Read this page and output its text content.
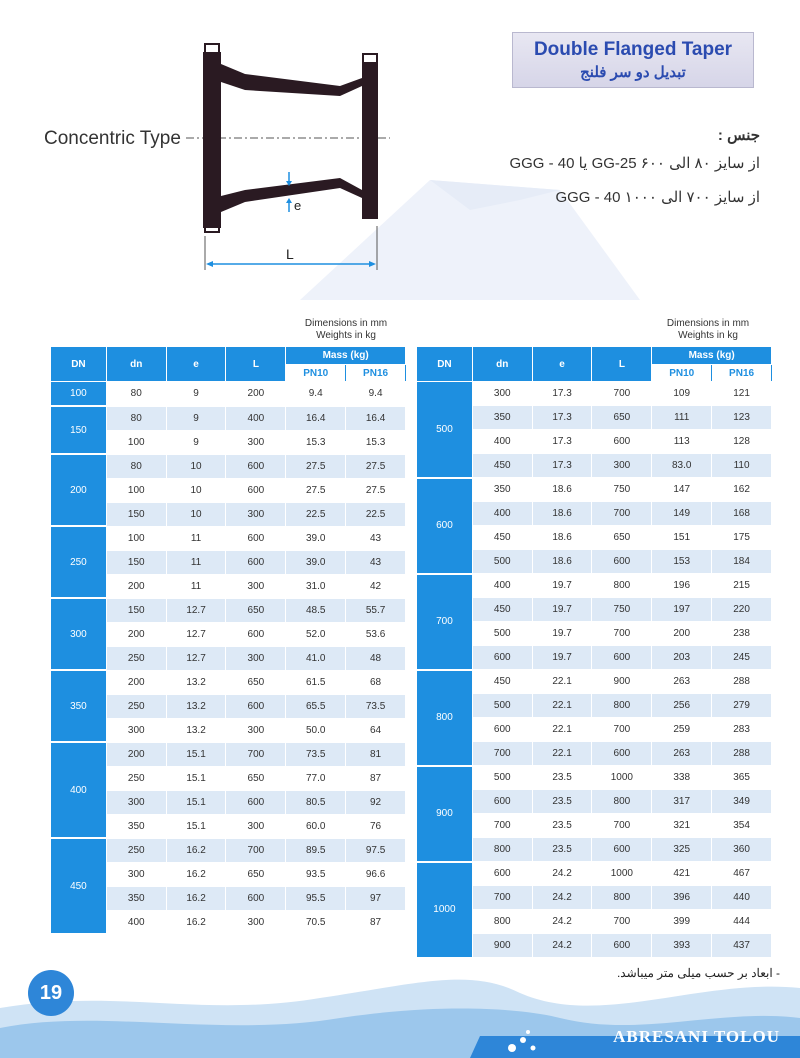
Double Flanged Taper
تبدیل دو سر فلنج
Concentric Type
e
L
جنس :
از سایز ۸۰ الی ۶۰۰ GG-25 یا GGG - 40
از سایز ۷۰۰ الی ۱۰۰۰ GGG - 40
Dimensions in mm
Weights in kg
Dimensions in mm
Weights in kg
DN	dn	e	L	Mass (kg)	
				PN10	PN16

100	80	9	200	9.4	9.4
150	80	9	400	16.4	16.4
	100	9	300	15.3	15.3
200	80	10	600	27.5	27.5
	100	10	600	27.5	27.5
	150	10	300	22.5	22.5
250	100	11	600	39.0	43
	150	11	600	39.0	43
	200	11	300	31.0	42
300	150	12.7	650	48.5	55.7
	200	12.7	600	52.0	53.6
	250	12.7	300	41.0	48
350	200	13.2	650	61.5	68
	250	13.2	600	65.5	73.5
	300	13.2	300	50.0	64
400	200	15.1	700	73.5	81
	250	15.1	650	77.0	87
	300	15.1	600	80.5	92
	350	15.1	300	60.0	76
450	250	16.2	700	89.5	97.5
	300	16.2	650	93.5	96.6
	350	16.2	600	95.5	97
	400	16.2	300	70.5	87
DN	dn	e	L	Mass (kg)	
				PN10	PN16

500	300	17.3	700	109	121
	350	17.3	650	111	123
	400	17.3	600	113	128
	450	17.3	300	83.0	110
600	350	18.6	750	147	162
	400	18.6	700	149	168
	450	18.6	650	151	175
	500	18.6	600	153	184
700	400	19.7	800	196	215
	450	19.7	750	197	220
	500	19.7	700	200	238
	600	19.7	600	203	245
800	450	22.1	900	263	288
	500	22.1	800	256	279
	600	22.1	700	259	283
	700	22.1	600	263	288
900	500	23.5	1000	338	365
	600	23.5	800	317	349
	700	23.5	700	321	354
	800	23.5	600	325	360
1000	600	24.2	1000	421	467
	700	24.2	800	396	440
	800	24.2	700	399	444
	900	24.2	600	393	437
- ابعاد بر حسب میلی متر میباشد.
19
ABRESANI TOLOU
